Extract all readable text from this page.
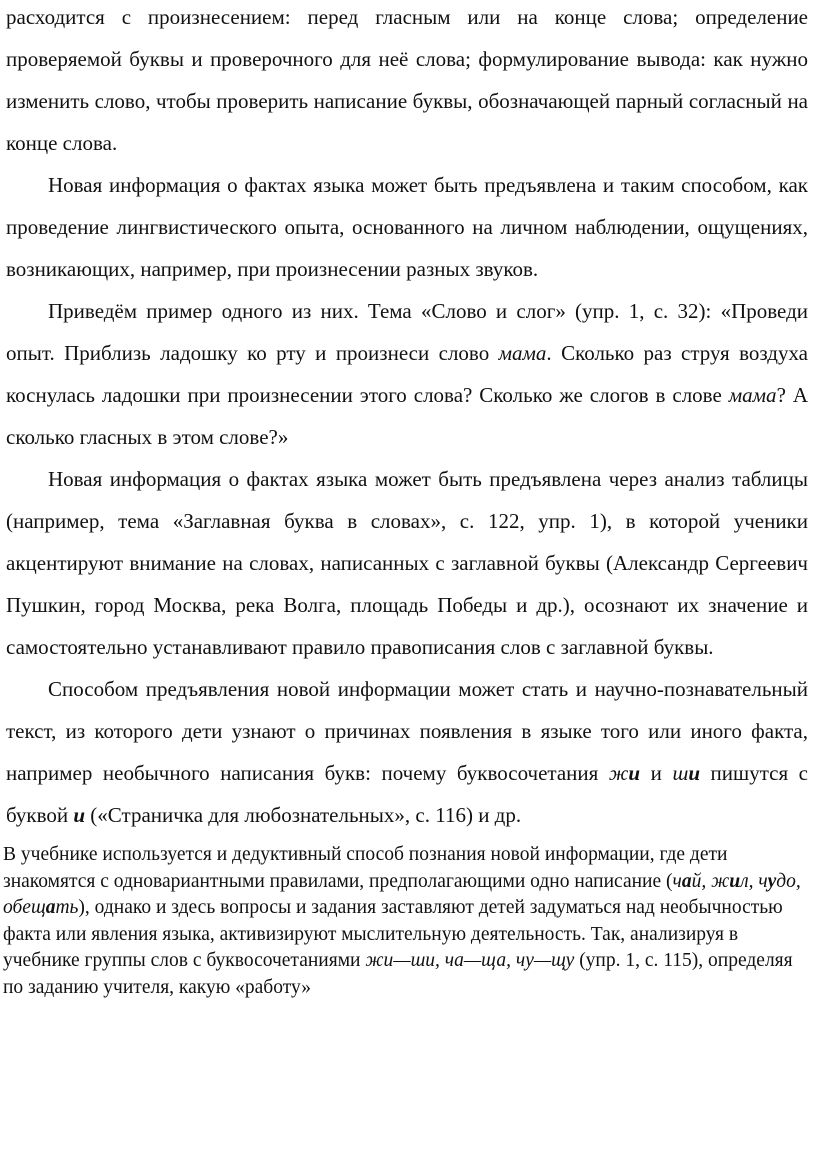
расходится с произнесением: перед гласным или на конце слова; определение проверяемой буквы и проверочного для неё слова; формулирование вывода: как нужно изменить слово, чтобы проверить написание буквы, обозначающей парный согласный на конце слова.

Новая информация о фактах языка может быть предъявлена и таким способом, как проведение лингвистического опыта, основанного на личном наблюдении, ощущениях, возникающих, например, при произнесении разных звуков.

Приведём пример одного из них. Тема «Слово и слог» (упр. 1, с. 32): «Проведи опыт. Приблизь ладошку ко рту и произнеси слово мама. Сколько раз струя воздуха коснулась ладошки при произнесении этого слова? Сколько же слогов в слове мама? А сколько гласных в этом слове?»

Новая информация о фактах языка может быть предъявлена через анализ таблицы (например, тема «Заглавная буква в словах», с. 122, упр. 1), в которой ученики акцентируют внимание на словах, написанных с заглавной буквы (Александр Сергеевич Пушкин, город Москва, река Волга, площадь Победы и др.), осознают их значение и самостоятельно устанавливают правило правописания слов с заглавной буквы.

Способом предъявления новой информации может стать и научно-познавательный текст, из которого дети узнают о причинах появления в языке того или иного факта, например необычного написания букв: почему буквосочетания жи и ши пишутся с буквой и («Страничка для любознательных», с. 116) и др.

В учебнике используется и дедуктивный способ познания новой информации, где дети знакомятся с одновариантными правилами, предполагающими одно написание (чай, жил, чудо, обещать), однако и здесь вопросы и задания заставляют детей задуматься над необычностью факта или явления языка, активизируют мыслительную деятельность. Так, анализируя в учебнике группы слов с буквосочетаниями жи—ши, ча—ща, чу—щу (упр. 1, с. 115), определяя по заданию учителя, какую «работу»
